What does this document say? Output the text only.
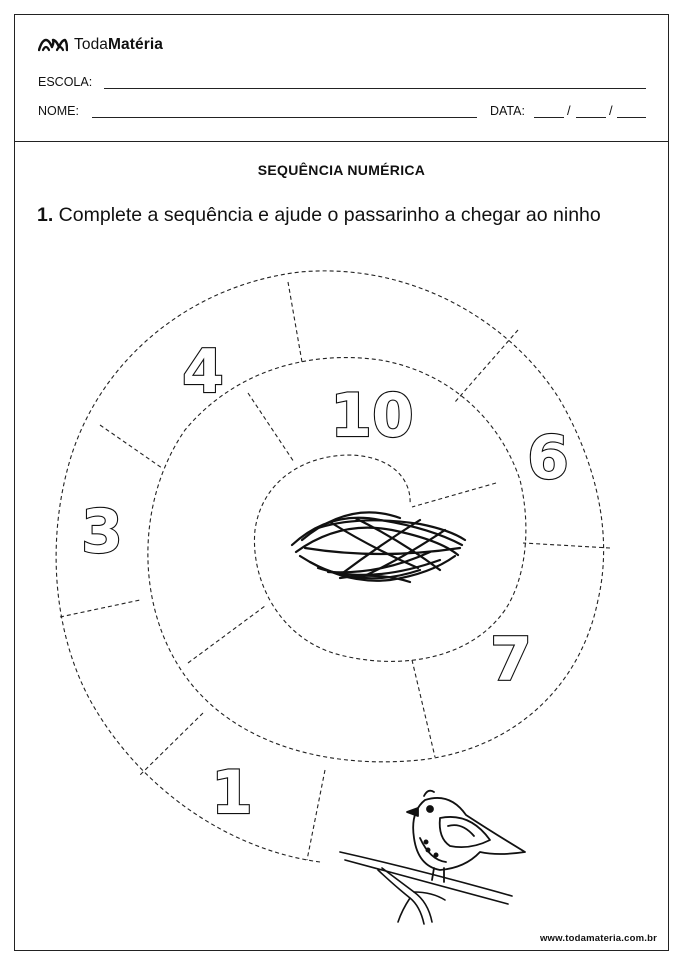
TodaMatéria
ESCOLA:
NOME:	DATA:	/	/
SEQUÊNCIA NUMÉRICA
1. Complete a sequência e ajude o passarinho a chegar ao ninho
4
10
6
3
7
1
www.todamateria.com.br
